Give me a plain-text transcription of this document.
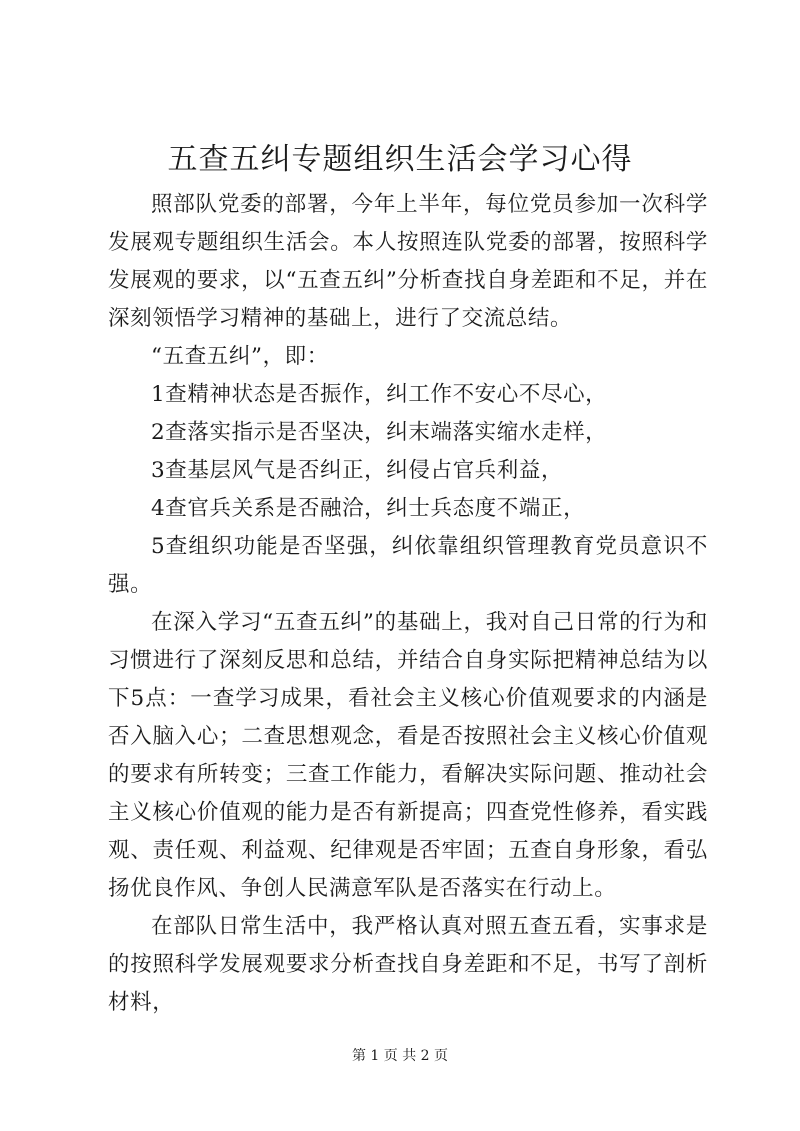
五查五纠专题组织生活会学习心得

照部队党委的部署，今年上半年，每位党员参加一次科学发展观专题组织生活会。本人按照连队党委的部署，按照科学发展观的要求，以“五查五纠”分析查找自身差距和不足，并在深刻领悟学习精神的基础上，进行了交流总结。

“五查五纠”，即：

1查精神状态是否振作，纠工作不安心不尽心，

2查落实指示是否坚决，纠末端落实缩水走样，

3查基层风气是否纠正，纠侵占官兵利益，

4查官兵关系是否融洽，纠士兵态度不端正，

5查组织功能是否坚强，纠依靠组织管理教育党员意识不强。

在深入学习“五查五纠”的基础上，我对自己日常的行为和习惯进行了深刻反思和总结，并结合自身实际把精神总结为以下5点：一查学习成果，看社会主义核心价值观要求的内涵是否入脑入心；二查思想观念，看是否按照社会主义核心价值观的要求有所转变；三查工作能力，看解决实际问题、推动社会主义核心价值观的能力是否有新提高；四查党性修养，看实践观、责任观、利益观、纪律观是否牢固；五查自身形象，看弘扬优良作风、争创人民满意军队是否落实在行动上。

在部队日常生活中，我严格认真对照五查五看，实事求是的按照科学发展观要求分析查找自身差距和不足，书写了剖析材料，

第 1 页 共 2 页
